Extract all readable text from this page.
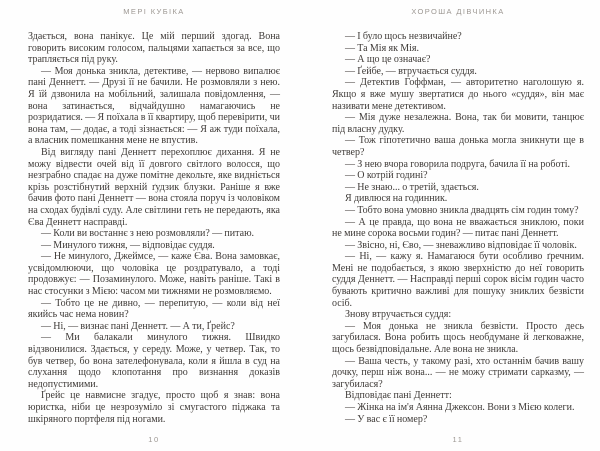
МЕРІ КУБІКА

Здається, вона панікує. Це мій перший здогад. Вона говорить високим голосом, пальцями хапається за все, що трапляється під руку.

— Моя донька зникла, детективе, — нервово випалює пані Деннетт. — Друзі її не бачили. Не розмовляли з нею. Я їй дзвонила на мобільний, залишала повідомлення, — вона затинається, відчайдушно намагаючись не розридатися. — Я поїхала в її квартиру, щоб перевірити, чи вона там, — додає, а тоді зізнається: — Я аж туди поїхала, а власник помешкання мене не впустив.

Від вигляду пані Деннетт перехоплює дихання. Я не можу відвести очей від її довгого світлого волосся, що незграбно спадає на дуже помітне декольте, яке видніється крізь розстібнутий верхній ґудзик блузки. Раніше я вже бачив фото пані Деннетт — вона стояла поруч із чоловіком на сходах будівлі суду. Але світлини геть не передають, яка Єва Деннетт насправді.

— Коли ви востаннє з нею розмовляли? — питаю.

— Минулого тижня, — відповідає суддя.

— Не минулого, Джеймсе, — каже Єва. Вона замовкає, усвідомлюючи, що чоловіка це роздратувало, а тоді продовжує: — Позаминулого. Може, навіть раніше. Такі в нас стосунки з Мією: часом ми тижнями не розмовляємо.

— Тобто це не дивно, — перепитую, — коли від неї якийсь час нема новин?

— Ні, — визнає пані Деннетт. — А ти, Ґрейс?

— Ми балакали минулого тижня. Швидко відзвонилися. Здається, у середу. Може, у четвер. Так, то був четвер, бо вона зателефонувала, коли я йшла в суд на слухання щодо клопотання про визнання доказів недопустимими.

Ґрейс це навмисне згадує, просто щоб я знав: вона юристка, ніби це незрозуміло зі смугастого піджака та шкіряного портфеля під ногами.

10
ХОРОША ДІВЧИНКА

— І було щось незвичайне?

— Та Мія як Мія.

— А що це означає?

— Ґейбе, — втручається суддя.

— Детектив Гоффман, — авторитетно наголошую я. Якщо я вже мушу звертатися до нього «суддя», він має називати мене детективом.

— Мія дуже незалежна. Вона, так би мовити, танцює під власну дудку.

— Тож гіпотетично ваша донька могла зникнути ще в четвер?

— З нею вчора говорила подруга, бачила її на роботі.

— О котрій годині?

— Не знаю... о третій, здається.

Я дивлюся на годинник.

— Тобто вона умовно зникла двадцять сім годин тому?

— А це правда, що вона не вважається зниклою, поки не мине сорока восьми годин? — питає пані Деннетт.

— Звісно, ні, Єво, — зневажливо відповідає її чоловік.

— Ні, — кажу я. Намагаюся бути особливо ґречним. Мені не подобається, з якою зверхністю до неї говорить суддя Деннетт. — Насправді перші сорок вісім годин часто бувають критично важливі для пошуку зниклих безвісти осіб.

Знову втручається суддя:

— Моя донька не зникла безвісти. Просто десь загубилася. Вона робить щось необдумане й легковажне, щось безвідповідальне. Але вона не зникла.

— Ваша честь, у такому разі, хто останнім бачив вашу дочку, перш ніж вона... — не можу стримати сарказму, — загубилася?

Відповідає пані Деннетт:

— Жінка на ім'я Аянна Джексон. Вони з Мією колеги.

— У вас є її номер?

11
